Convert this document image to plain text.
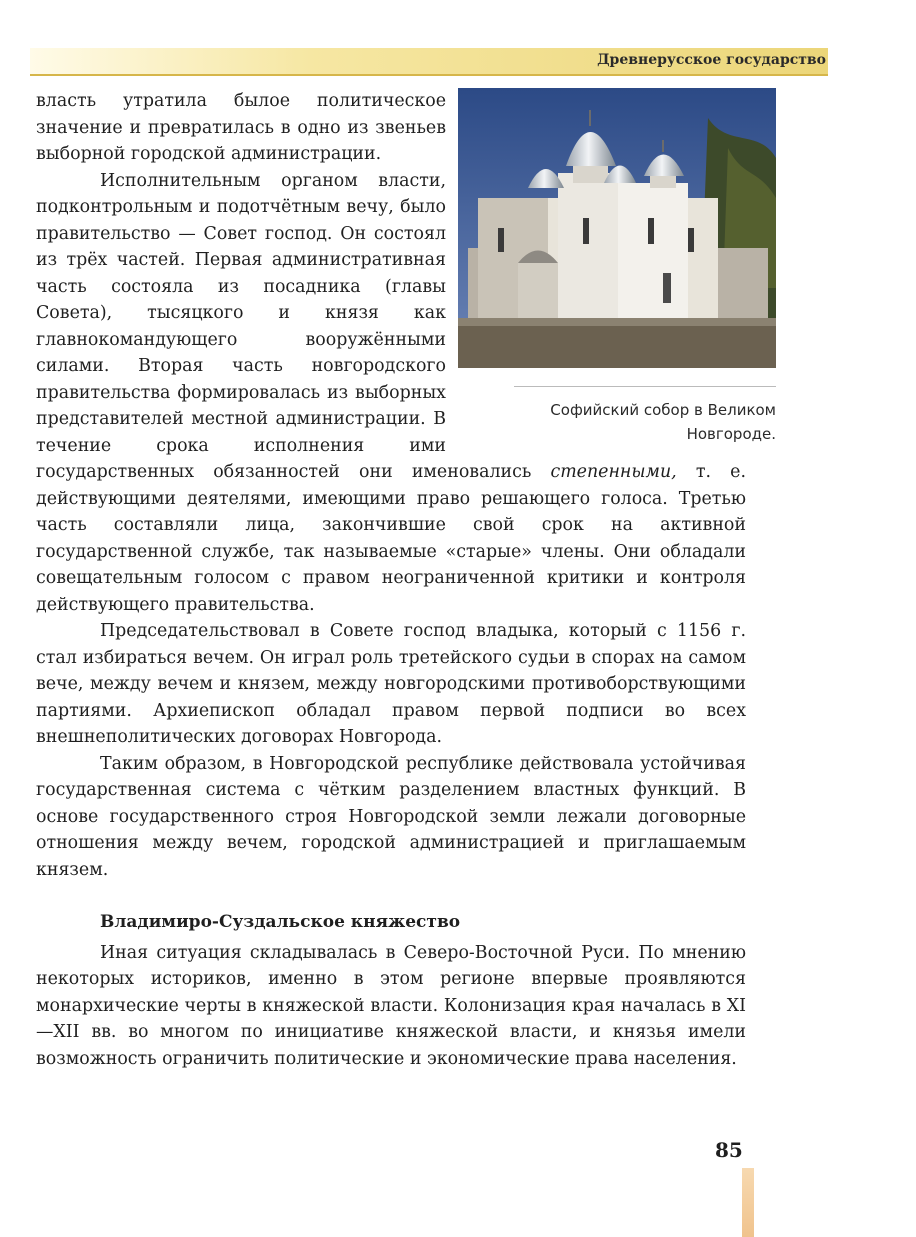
Древнерусское государство
Софийский собор в Великом Новгороде.

власть утратила былое политическое значение и превратилась в одно из звеньев выборной городской администрации.

Исполнительным органом власти, подконтрольным и подотчётным вечу, было правительство — Совет господ. Он состоял из трёх частей. Первая административная часть состояла из посадника (главы Совета), тысяцкого и князя как главнокомандующего вооружёнными силами. Вторая часть новгородского правительства формировалась из выборных представителей местной администрации. В течение срока исполнения ими государственных обязанностей они именовались степенными, т. е. действующими деятелями, имеющими право решающего голоса. Третью часть составляли лица, закончившие свой срок на активной государственной службе, так называемые «старые» члены. Они обладали совещательным голосом с правом неограниченной критики и контроля действующего правительства.

Председательствовал в Совете господ владыка, который с 1156 г. стал избираться вечем. Он играл роль третейского судьи в спорах на самом вече, между вечем и князем, между новгородскими противоборствующими партиями. Архиепископ обладал правом первой подписи во всех внешнеполитических договорах Новгорода.

Таким образом, в Новгородской республике действовала устойчивая государственная система с чётким разделением властных функций. В основе государственного строя Новгородской земли лежали договорные отношения между вечем, городской администрацией и приглашаемым князем.

Владимиро-Суздальское княжество

Иная ситуация складывалась в Северо-Восточной Руси. По мнению некоторых историков, именно в этом регионе впервые проявляются монархические черты в княжеской власти. Колонизация края началась в XI—XII вв. во многом по инициативе княжеской власти, и князья имели возможность ограничить политические и экономические права населения.

85
